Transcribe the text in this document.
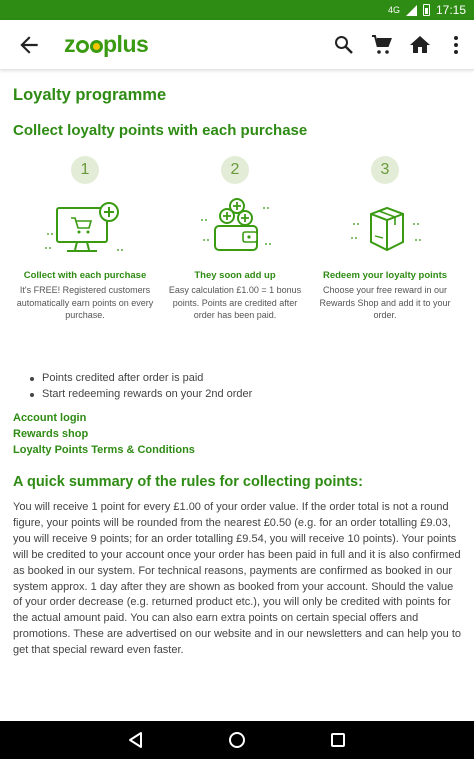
4G	17:15
z plus
Loyalty programme
Collect loyalty points with each purchase
1
Collect with each purchase
It's FREE! Registered customers automatically earn points on every purchase.
2
They soon add up
Easy calculation £1.00 = 1 bonus points. Points are credited after order has been paid.
3
Redeem your loyalty points
Choose your free reward in our Rewards Shop and add it to your order.
Points credited after order is paid
Start redeeming rewards on your 2nd order
Account login
Rewards shop
Loyalty Points Terms & Conditions
A quick summary of the rules for collecting points:

You will receive 1 point for every £1.00 of your order value. If the order total is not a round figure, your points will be rounded from the nearest £0.50 (e.g. for an order totalling £9.03, you will receive 9 points; for an order totalling £9.54, you will receive 10 points). Your points will be credited to your account once your order has been paid in full and it is also confirmed as booked in our system. For technical reasons, payments are confirmed as booked in our system approx. 1 day after they are shown as booked from your account. Should the value of your order decrease (e.g. returned product etc.), you will only be credited with points for the actual amount paid. You can also earn extra points on certain special offers and promotions. These are advertised on our website and in our newsletters and can help you to get that special reward even faster.
